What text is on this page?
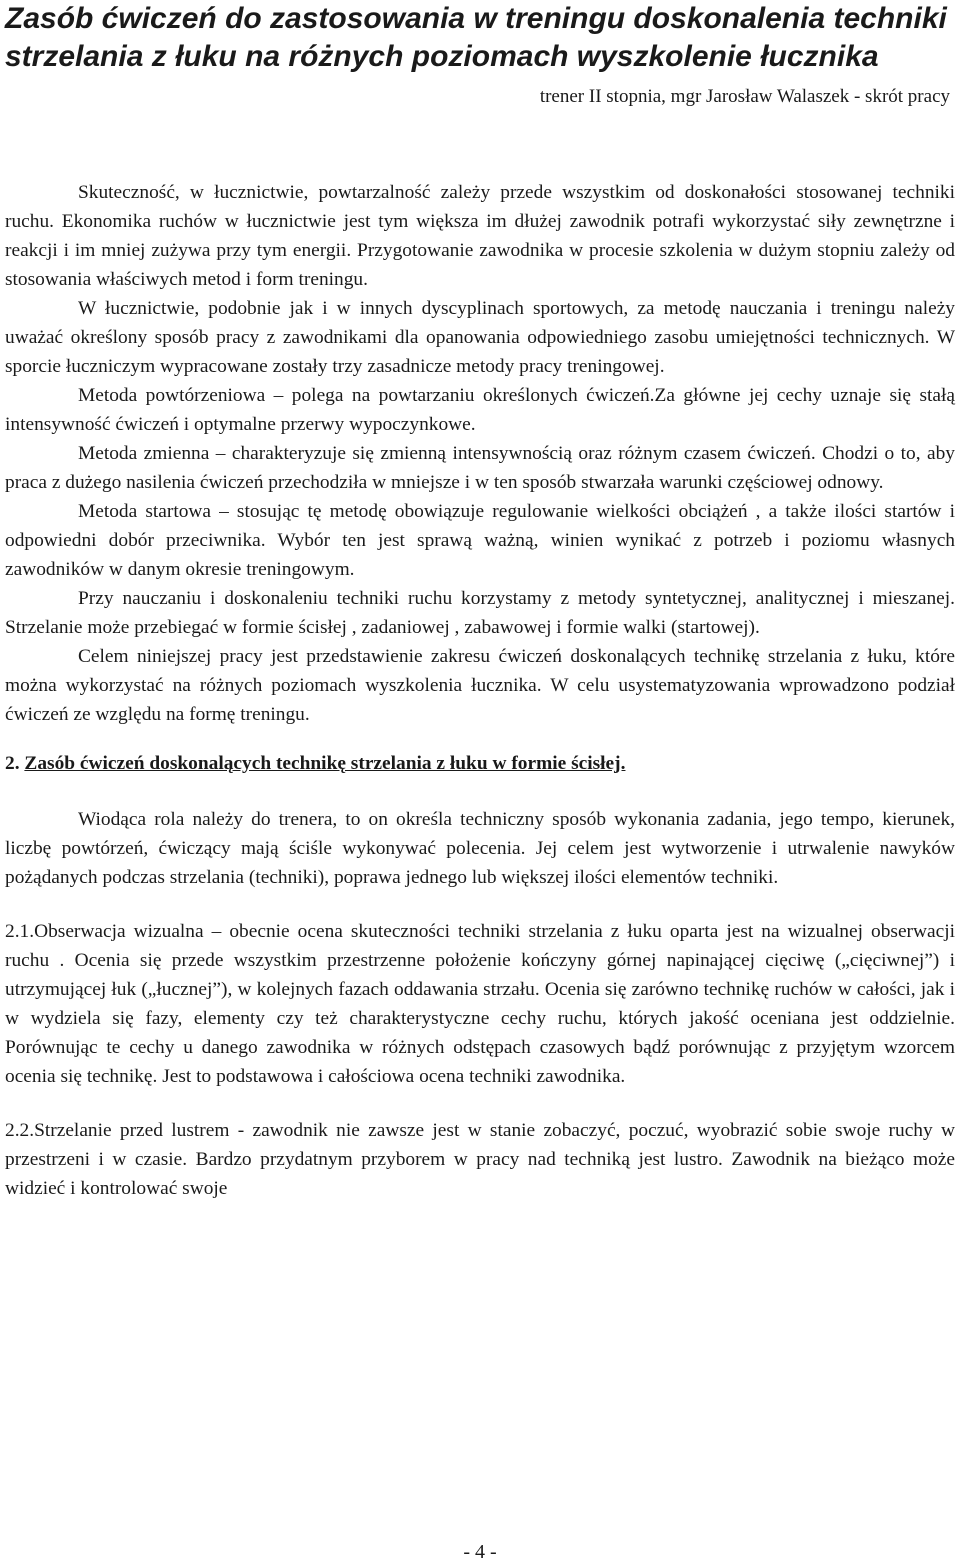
Zasób ćwiczeń do zastosowania w treningu doskonalenia techniki strzelania z łuku na różnych poziomach wyszkolenie łucznika

trener II stopnia, mgr Jarosław Walaszek - skrót pracy

Skuteczność, w łucznictwie, powtarzalność zależy przede wszystkim od doskonałości stosowanej techniki ruchu. Ekonomika ruchów w łucznictwie jest tym większa im dłużej zawodnik potrafi wykorzystać siły zewnętrzne i reakcji i im mniej zużywa przy tym energii. Przygotowanie zawodnika w procesie szkolenia w dużym stopniu zależy od stosowania właściwych metod i form treningu.

W łucznictwie, podobnie jak i w innych dyscyplinach sportowych, za metodę nauczania i treningu należy uważać określony sposób pracy z zawodnikami dla opanowania odpowiedniego zasobu umiejętności technicznych. W sporcie łuczniczym wypracowane zostały trzy zasadnicze metody pracy treningowej.

Metoda powtórzeniowa – polega na powtarzaniu określonych ćwiczeń.Za główne jej cechy uznaje się stałą intensywność ćwiczeń i optymalne przerwy wypoczynkowe.

Metoda zmienna – charakteryzuje się zmienną intensywnością oraz różnym czasem ćwiczeń. Chodzi o to, aby praca z dużego nasilenia ćwiczeń przechodziła w mniejsze i w ten sposób stwarzała warunki częściowej odnowy.

Metoda startowa – stosując tę metodę obowiązuje regulowanie wielkości obciążeń , a także ilości startów i odpowiedni dobór przeciwnika. Wybór ten jest sprawą ważną, winien wynikać z potrzeb i poziomu własnych zawodników w danym okresie treningowym.

Przy nauczaniu i doskonaleniu techniki ruchu korzystamy z metody syntetycznej, analitycznej i mieszanej. Strzelanie może przebiegać w formie ścisłej , zadaniowej , zabawowej i formie walki (startowej).

Celem niniejszej pracy jest przedstawienie zakresu ćwiczeń doskonalących technikę strzelania z łuku, które można wykorzystać na różnych poziomach wyszkolenia łucznika. W celu usystematyzowania wprowadzono podział ćwiczeń ze względu na formę treningu.

2. Zasób ćwiczeń doskonalących technikę strzelania z łuku w formie ścisłej.

Wiodąca rola należy do trenera, to on określa techniczny sposób wykonania zadania, jego tempo, kierunek, liczbę powtórzeń, ćwiczący mają ściśle wykonywać polecenia. Jej celem jest wytworzenie i utrwalenie nawyków pożądanych podczas strzelania (techniki), poprawa jednego lub większej ilości elementów techniki.

2.1.Obserwacja wizualna – obecnie ocena skuteczności techniki strzelania z łuku oparta jest na wizualnej obserwacji ruchu . Ocenia się przede wszystkim przestrzenne położenie kończyny górnej napinającej cięciwę („cięciwnej”) i utrzymującej łuk („łucznej”), w kolejnych fazach oddawania strzału. Ocenia się zarówno technikę ruchów w całości, jak i w wydziela się fazy, elementy czy też charakterystyczne cechy ruchu, których jakość oceniana jest oddzielnie. Porównując te cechy u danego zawodnika w różnych odstępach czasowych bądź porównując z przyjętym wzorcem ocenia się technikę. Jest to podstawowa i całościowa ocena techniki zawodnika.

2.2.Strzelanie przed lustrem - zawodnik nie zawsze jest w stanie zobaczyć, poczuć, wyobrazić sobie swoje ruchy w przestrzeni i w czasie. Bardzo przydatnym przyborem w pracy nad techniką jest lustro. Zawodnik na bieżąco może widzieć i kontrolować swoje

- 4 -
